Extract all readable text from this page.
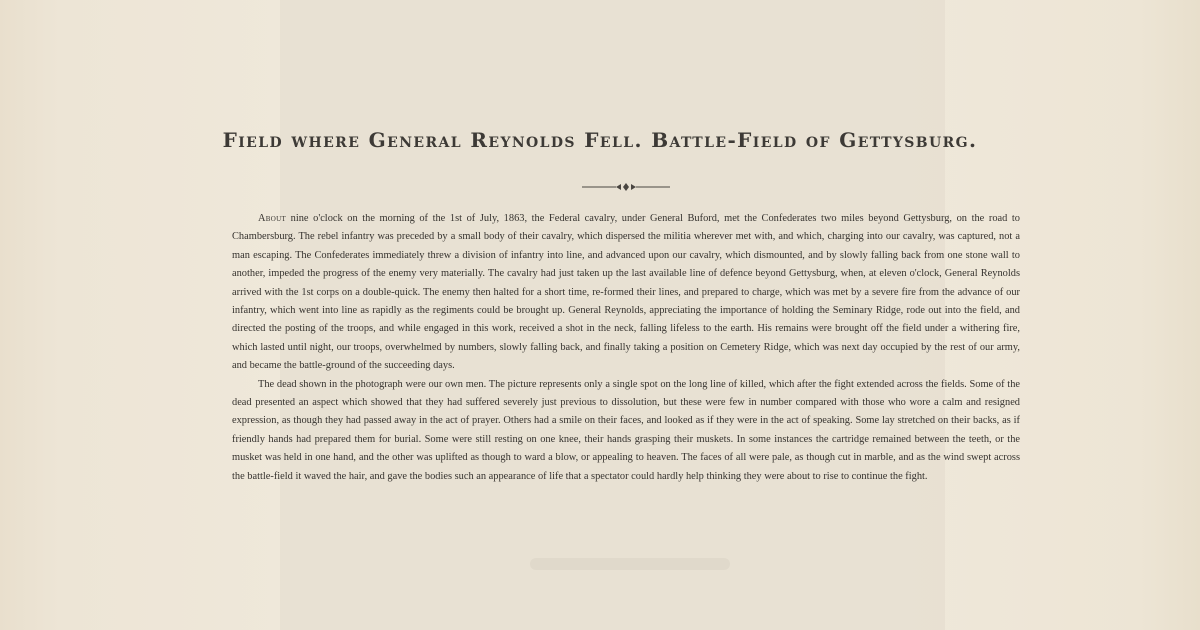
Field where General Reynolds Fell. Battle-Field of Gettysburg.

About nine o'clock on the morning of the 1st of July, 1863, the Federal cavalry, under General Buford, met the Confederates two miles beyond Gettysburg, on the road to Chambersburg. The rebel infantry was preceded by a small body of their cavalry, which dispersed the militia wherever met with, and which, charging into our cavalry, was captured, not a man escaping. The Confederates immediately threw a division of infantry into line, and advanced upon our cavalry, which dismounted, and by slowly falling back from one stone wall to another, impeded the progress of the enemy very materially. The cavalry had just taken up the last available line of defence beyond Gettysburg, when, at eleven o'clock, General Reynolds arrived with the 1st corps on a double-quick. The enemy then halted for a short time, re-formed their lines, and prepared to charge, which was met by a severe fire from the advance of our infantry, which went into line as rapidly as the regiments could be brought up. General Reynolds, appreciating the importance of holding the Seminary Ridge, rode out into the field, and directed the posting of the troops, and while engaged in this work, received a shot in the neck, falling lifeless to the earth. His remains were brought off the field under a withering fire, which lasted until night, our troops, overwhelmed by numbers, slowly falling back, and finally taking a position on Cemetery Ridge, which was next day occupied by the rest of our army, and became the battle-ground of the succeeding days.

The dead shown in the photograph were our own men. The picture represents only a single spot on the long line of killed, which after the fight extended across the fields. Some of the dead presented an aspect which showed that they had suffered severely just previous to dissolution, but these were few in number compared with those who wore a calm and resigned expression, as though they had passed away in the act of prayer. Others had a smile on their faces, and looked as if they were in the act of speaking. Some lay stretched on their backs, as if friendly hands had prepared them for burial. Some were still resting on one knee, their hands grasping their muskets. In some instances the cartridge remained between the teeth, or the musket was held in one hand, and the other was uplifted as though to ward a blow, or appealing to heaven. The faces of all were pale, as though cut in marble, and as the wind swept across the battle-field it waved the hair, and gave the bodies such an appearance of life that a spectator could hardly help thinking they were about to rise to continue the fight.
